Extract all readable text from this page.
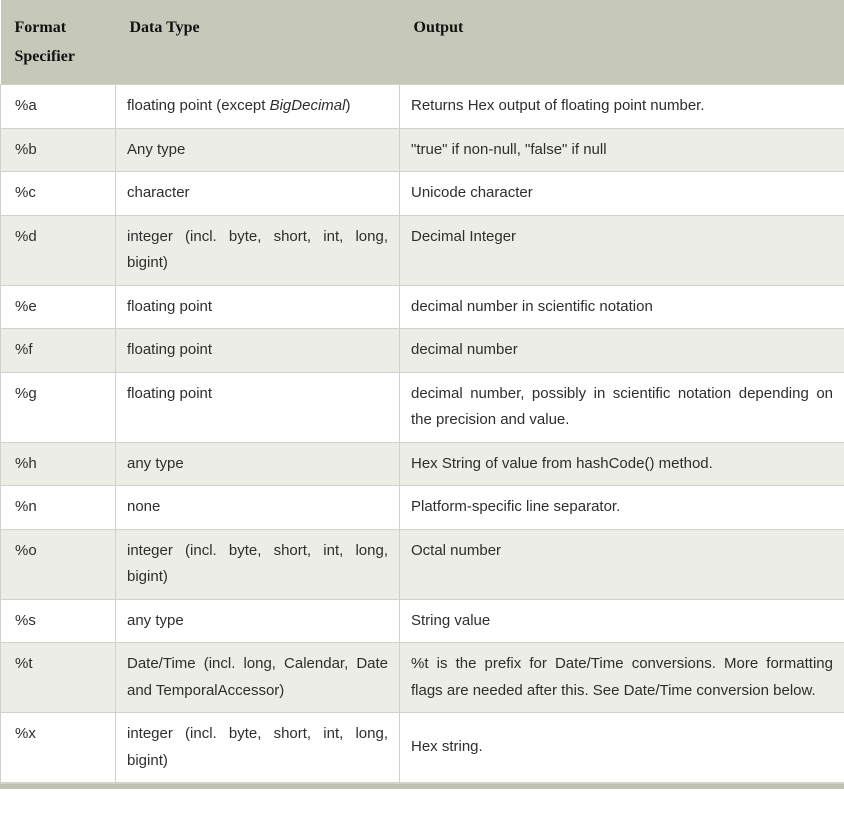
Format Specifier	Data Type	Output
%a	floating point (except BigDecimal)	Returns Hex output of floating point number.
%b	Any type	"true" if non-null, "false" if null
%c	character	Unicode character
%d	integer (incl. byte, short, int, long, bigint)	Decimal Integer
%e	floating point	decimal number in scientific notation
%f	floating point	decimal number
%g	floating point	decimal number, possibly in scientific notation depending on the precision and value.
%h	any type	Hex String of value from hashCode() method.
%n	none	Platform-specific line separator.
%o	integer (incl. byte, short, int, long, bigint)	Octal number
%s	any type	String value
%t	Date/Time (incl. long, Calendar, Date and TemporalAccessor)	%t is the prefix for Date/Time conversions. More formatting flags are needed after this. See Date/Time conversion below.
%x	integer (incl. byte, short, int, long, bigint)	Hex string.
